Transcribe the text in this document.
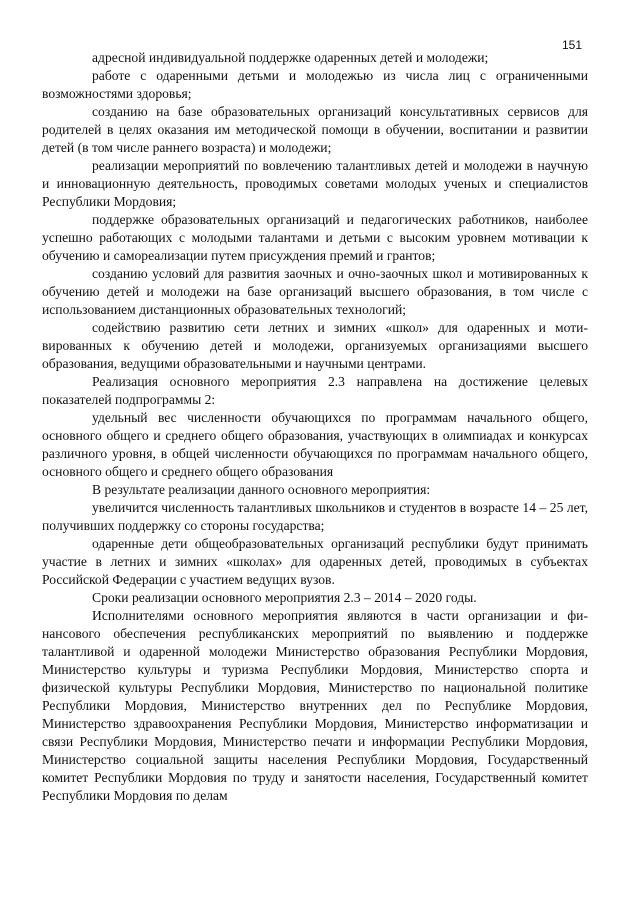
151

адресной индивидуальной поддержке одаренных детей и молодежи;

работе с одаренными детьми и молодежью из числа лиц с ограниченными возможностями здоровья;

созданию на базе образовательных организаций консультативных сервисов для родителей в целях оказания им методической помощи в обучении, воспитании и развитии детей (в том числе раннего возраста) и молодежи;

реализации мероприятий по вовлечению талантливых детей и молодежи в научную и инновационную деятельность, проводимых советами молодых ученых и специалистов Республики Мордовия;

поддержке образовательных организаций и педагогических работников, наиболее успешно работающих с молодыми талантами и детьми с высоким уровнем мотивации к обучению и самореализации путем присуждения премий и грантов;

созданию условий для развития заочных и очно-заочных школ и мотивированных к обучению детей и молодежи на базе организаций высшего образования, в том числе с использованием дистанционных образовательных технологий;

содействию развитию сети летних и зимних «школ» для одаренных и мотивированных к обучению детей и молодежи, организуемых организациями высшего образования, ведущими образовательными и научными центрами.

Реализация основного мероприятия 2.3 направлена на достижение целевых показателей подпрограммы 2:

удельный вес численности обучающихся по программам начального общего, основного общего и среднего общего образования, участвующих в олимпиадах и конкурсах различного уровня, в общей численности обучающихся по программам начального общего, основного общего и среднего общего образования

В результате реализации данного основного мероприятия:

увеличится численность талантливых школьников и студентов в возрасте 14 – 25 лет, получивших поддержку со стороны государства;

одаренные дети общеобразовательных организаций республики будут принимать участие в летних и зимних «школах» для одаренных детей, проводимых в субъектах Российской Федерации с участием ведущих вузов.

Сроки реализации основного мероприятия 2.3 – 2014 – 2020 годы.

Исполнителями основного мероприятия являются в части организации и финансового обеспечения республиканских мероприятий по выявлению и поддержке талантливой и одаренной молодежи Министерство образования Республики Мордовия, Министерство культуры и туризма Республики Мордовия, Министерство спорта и физической культуры Республики Мордовия, Министерство по национальной политике Республики Мордовия, Министерство внутренних дел по Республике Мордовия, Министерство здравоохранения Республики Мордовия, Министерство информатизации и связи Республики Мордовия, Министерство печати и информации Республики Мордовия, Министерство социальной защиты населения Республики Мордовия, Государственный комитет Республики Мордовия по труду и занятости населения, Государственный комитет Республики Мордовия по делам
